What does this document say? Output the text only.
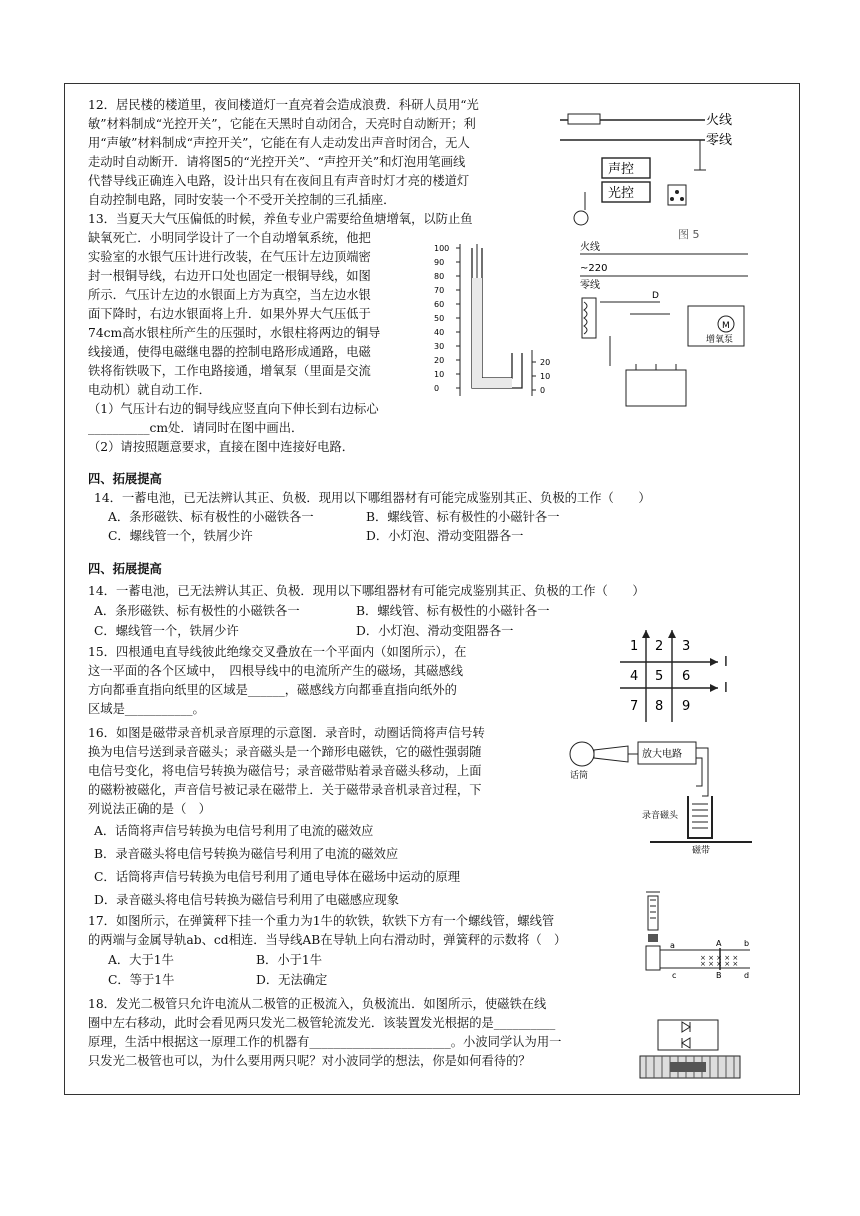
12．居民楼的楼道里，夜间楼道灯一直亮着会造成浪费．科研人员用“光
敏”材料制成“光控开关”，它能在天黑时自动闭合，天亮时自动断开；利
用“声敏”材料制成“声控开关”，它能在有人走动发出声音时闭合，无人
走动时自动断开．请将图5的“光控开关”、“声控开关”和灯泡用笔画线
代替导线正确连入电路，设计出只有在夜间且有声音时灯才亮的楼道灯
自动控制电路，同时安装一个不受开关控制的三孔插座．
火线
零线
声控
光控
图 5
13．当夏天大气压偏低的时候，养鱼专业户需要给鱼塘增氧，以防止鱼
缺氧死亡．小明同学设计了一个自动增氧系统，他把
实验室的水银气压计进行改装，在气压计左边顶端密
封一根铜导线，右边开口处也固定一根铜导线，如图
所示．气压计左边的水银面上方为真空，当左边水银
面下降时，右边水银面将上升．如果外界大气压低于
74cm高水银柱所产生的压强时，水银柱将两边的铜导
线接通，使得电磁继电器的控制电路形成通路，电磁
铁将衔铁吸下，工作电路接通，增氧泵（里面是交流
电动机）就自动工作．
（1）气压计右边的铜导线应竖直向下伸长到右边标心
__________cm处．请同时在图中画出．
（2）请按照题意要求，直接在图中连接好电路．
100
90
80
70
60
50
40
30
20
10
0
20
10
0
火线
~220
零线
D
M
增氧泵
四、拓展提高
14．一蓄电池，已无法辨认其正、负极．现用以下哪组器材有可能完成鉴别其正、负极的工作（　　）
A．条形磁铁、标有极性的小磁铁各一	B．螺线管、标有极性的小磁针各一
C．螺线管一个，铁屑少许	D．小灯泡、滑动变阻器各一
四、拓展提高
14．一蓄电池，已无法辨认其正、负极．现用以下哪组器材有可能完成鉴别其正、负极的工作（　　）
A．条形磁铁、标有极性的小磁铁各一	B．螺线管、标有极性的小磁针各一
C．螺线管一个，铁屑少许	D．小灯泡、滑动变阻器各一
15．四根通电直导线彼此绝缘交叉叠放在一个平面内（如图所示），在
这一平面的各个区域中，　四根导线中的电流所产生的磁场，其磁感线
方向都垂直指向纸里的区域是______，磁感线方向都垂直指向纸外的
区域是___________。
1 2 3
4 5 6
7 8 9
I
I
16．如图是磁带录音机录音原理的示意图．录音时，动圈话筒将声信号转
换为电信号送到录音磁头；录音磁头是一个蹄形电磁铁，它的磁性强弱随
电信号变化，将电信号转换为磁信号；录音磁带贴着录音磁头移动，上面
的磁粉被磁化，声音信号被记录在磁带上．关于磁带录音机录音过程，下
列说法正确的是（　）
A．话筒将声信号转换为电信号利用了电流的磁效应
B．录音磁头将电信号转换为磁信号利用了电流的磁效应
C．话筒将声信号转换为电信号利用了通电导体在磁场中运动的原理
D．录音磁头将电信号转换为磁信号利用了电磁感应现象
放大电路
话筒
录音磁头
磁带
17．如图所示，在弹簧秤下挂一个重力为1牛的软铁，软铁下方有一个螺线管，螺线管
的两端与金属导轨ab、cd相连．当导线AB在导轨上向右滑动时，弹簧秤的示数将（　）
A．大于1牛	B．小于1牛
C．等于1牛	D．无法确定
a	b
c	d
A
B
× × × × ×
× × × × ×
18．发光二极管只允许电流从二极管的正极流入，负极流出．如图所示，使磁铁在线
圈中左右移动，此时会看见两只发光二极管轮流发光．该装置发光根据的是__________
原理，生活中根据这一原理工作的机器有_______________________。小波同学认为用一
只发光二极管也可以，为什么要用两只呢？对小波同学的想法，你是如何看待的？
